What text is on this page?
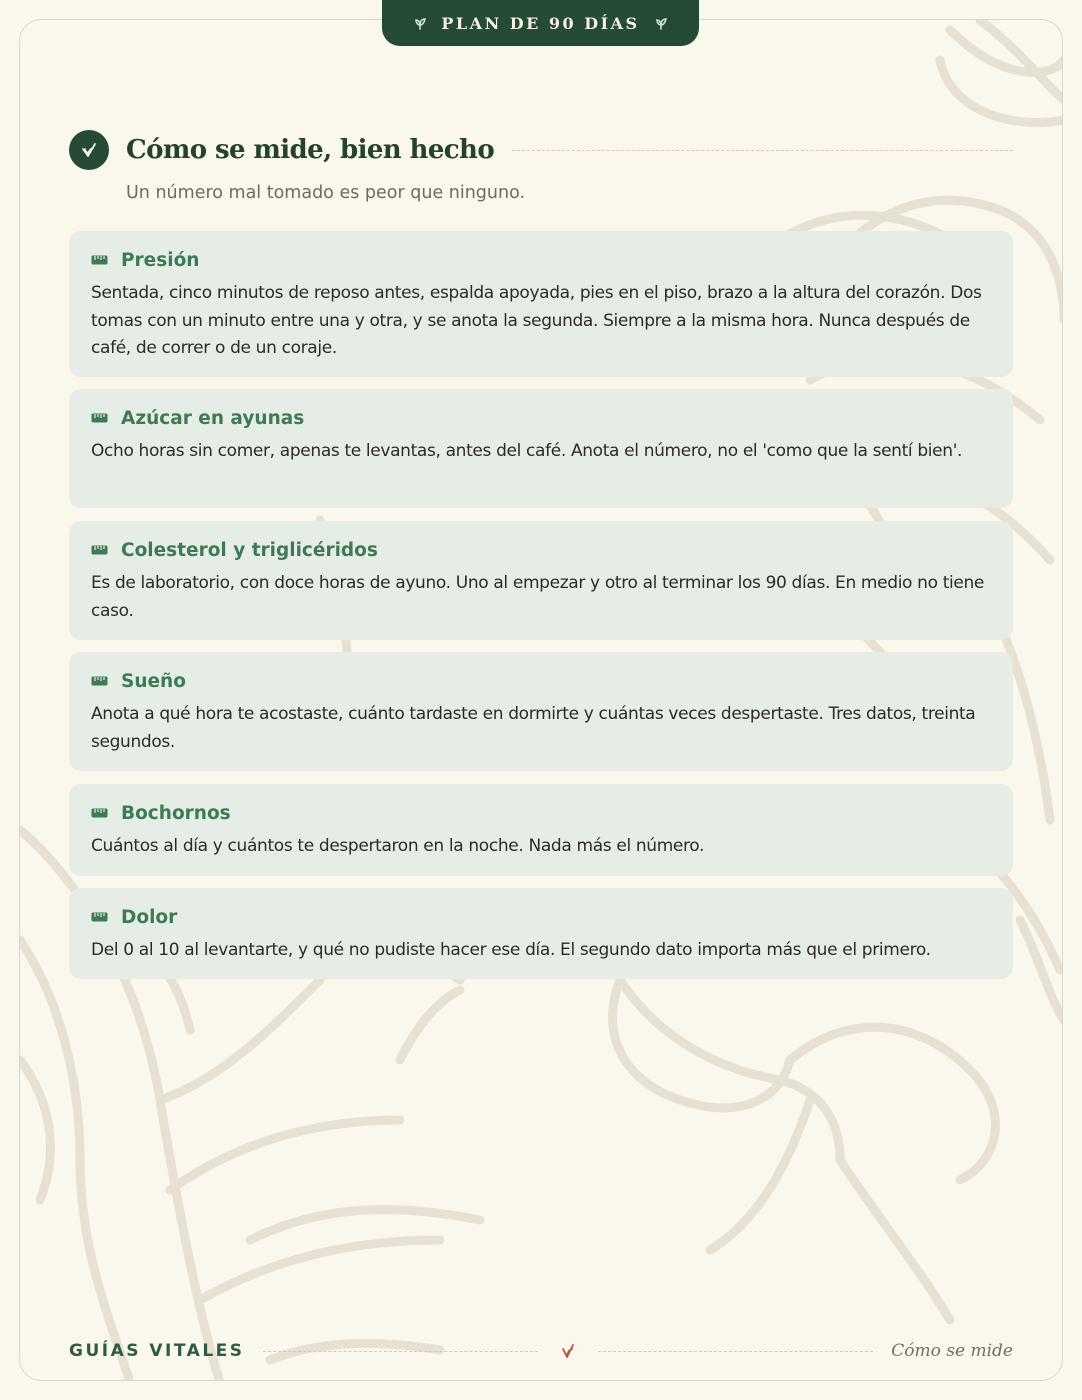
PLAN DE 90 DÍAS
Cómo se mide, bien hecho

Un número mal tomado es peor que ninguno.

Presión

Sentada, cinco minutos de reposo antes, espalda apoyada, pies en el piso, brazo a la altura del corazón. Dos tomas con un minuto entre una y otra, y se anota la segunda. Siempre a la misma hora. Nunca después de café, de correr o de un coraje.

Azúcar en ayunas

Ocho horas sin comer, apenas te levantas, antes del café. Anota el número, no el 'como que la sentí bien'.

Colesterol y triglicéridos

Es de laboratorio, con doce horas de ayuno. Uno al empezar y otro al terminar los 90 días. En medio no tiene caso.

Sueño

Anota a qué hora te acostaste, cuánto tardaste en dormirte y cuántas veces despertaste. Tres datos, treinta segundos.

Bochornos

Cuántos al día y cuántos te despertaron en la noche. Nada más el número.

Dolor

Del 0 al 10 al levantarte, y qué no pudiste hacer ese día. El segundo dato importa más que el primero.

GUÍAS VITALES	Cómo se mide
